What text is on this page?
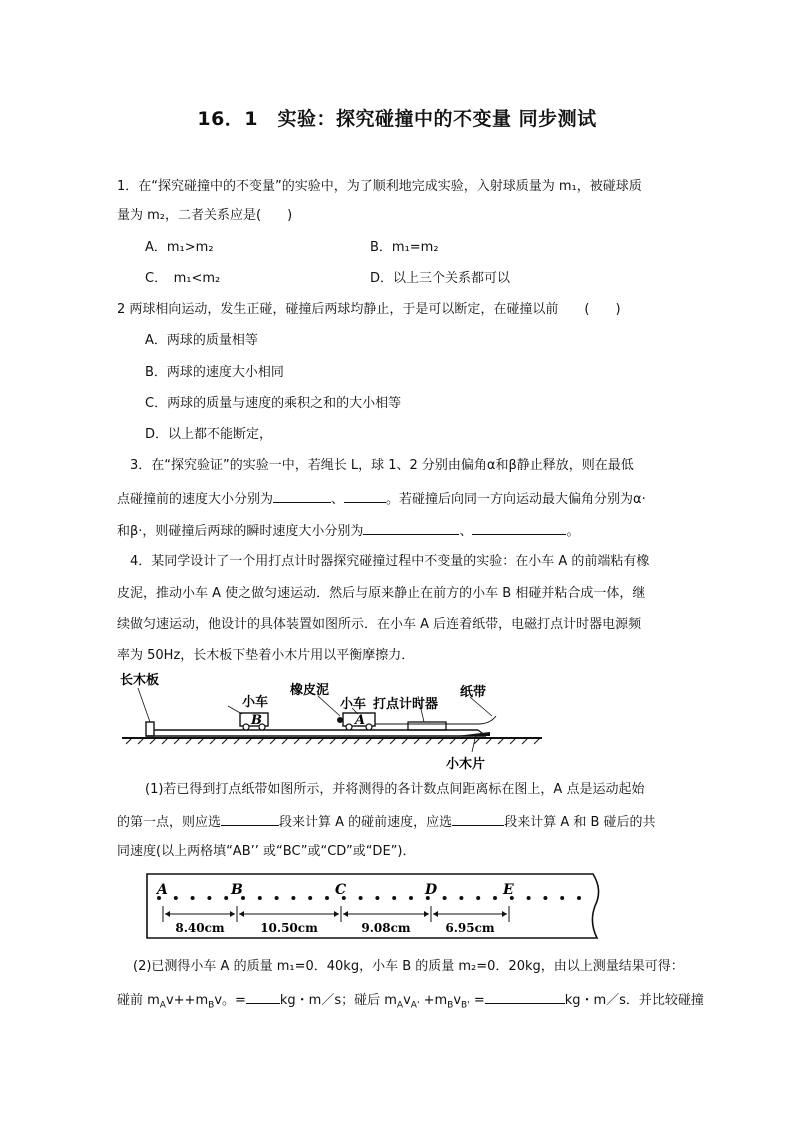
16．1　实验：探究碰撞中的不变量 同步测试
1．在“探究碰撞中的不变量”的实验中，为了顺利地完成实验，入射球质量为 m₁，被碰球质
量为 m₂，二者关系应是(　　)
A．m₁>m₂	B．m₁=m₂
C．　m₁<m₂	D．以上三个关系都可以
2 两球相向运动，发生正碰，碰撞后两球均静止，于是可以断定，在碰撞以前　　(　　)
A．两球的质量相等
B．两球的速度大小相同
C．两球的质量与速度的乘积之和的大小相等
D．以上都不能断定，
3．在“探究验证”的实验一中，若绳长 L，球 1、2 分别由偏角α和β静止释放，则在最低
点碰撞前的速度大小分别为	、	。若碰撞后向同一方向运动最大偏角分别为α·
和β·，则碰撞后两球的瞬时速度大小分别为	、	。
4．某同学设计了一个用打点计时器探究碰撞过程中不变量的实验：在小车 A 的前端粘有橡
皮泥，推动小车 A 使之做匀速运动．然后与原来静止在前方的小车 B 相碰并粘合成一体，继
续做匀速运动，他设计的具体装置如图所示．在小车 A 后连着纸带，电磁打点计时器电源频
率为 50Hz，长木板下垫着小木片用以平衡摩擦力．
B	A
长木板
小车
橡皮泥
小车 打点计时器
纸带
小木片
(1)若已得到打点纸带如图所示，并将测得的各计数点间距离标在图上，A 点是运动起始
的第一点，则应选	段来计算 A 的碰前速度，应选	段来计算 A 和 B 碰后的共
同速度(以上两格填“AB’’ 或“BC”或“CD”或“DE”)．
A	B	C	D	E
8.40cm	10.50cm	9.08cm	6.95cm
(2)已测得小车 A 的质量 m₁=0．40kg，小车 B 的质量 m₂=0．20kg，由以上测量结果可得：
碰前 $m_Av++m_Bv$。=	kg・m／s；碰后 $m_Av_{A'} +m_Bv_{B'}$ =	kg・m／s．并比较碰撞
